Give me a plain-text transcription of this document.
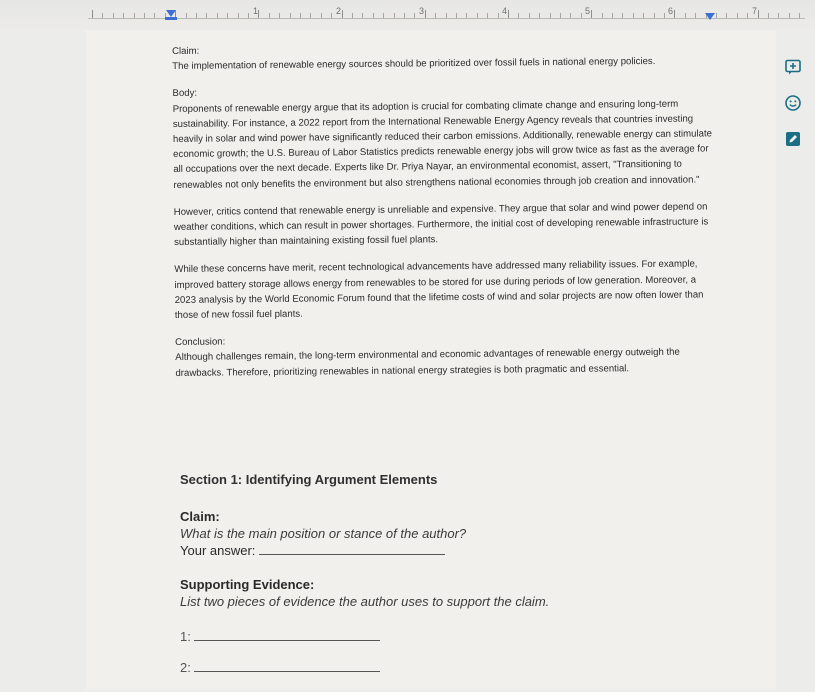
1	2	3	4	5	6	7

Claim:
The implementation of renewable energy sources should be prioritized over fossil fuels in national energy policies.

Body:
Proponents of renewable energy argue that its adoption is crucial for combating climate change and ensuring long-term sustainability. For instance, a 2022 report from the International Renewable Energy Agency reveals that countries investing heavily in solar and wind power have significantly reduced their carbon emissions. Additionally, renewable energy can stimulate economic growth; the U.S. Bureau of Labor Statistics predicts renewable energy jobs will grow twice as fast as the average for all occupations over the next decade. Experts like Dr. Priya Nayar, an environmental economist, assert, "Transitioning to renewables not only benefits the environment but also strengthens national economies through job creation and innovation."

However, critics contend that renewable energy is unreliable and expensive. They argue that solar and wind power depend on weather conditions, which can result in power shortages. Furthermore, the initial cost of developing renewable infrastructure is substantially higher than maintaining existing fossil fuel plants.

While these concerns have merit, recent technological advancements have addressed many reliability issues. For example, improved battery storage allows energy from renewables to be stored for use during periods of low generation. Moreover, a 2023 analysis by the World Economic Forum found that the lifetime costs of wind and solar projects are now often lower than those of new fossil fuel plants.

Conclusion:
Although challenges remain, the long-term environmental and economic advantages of renewable energy outweigh the drawbacks. Therefore, prioritizing renewables in national energy strategies is both pragmatic and essential.

Section 1: Identifying Argument Elements
Claim:
What is the main position or stance of the author?
Your answer:
Supporting Evidence:
List two pieces of evidence the author uses to support the claim.
1:
2:
